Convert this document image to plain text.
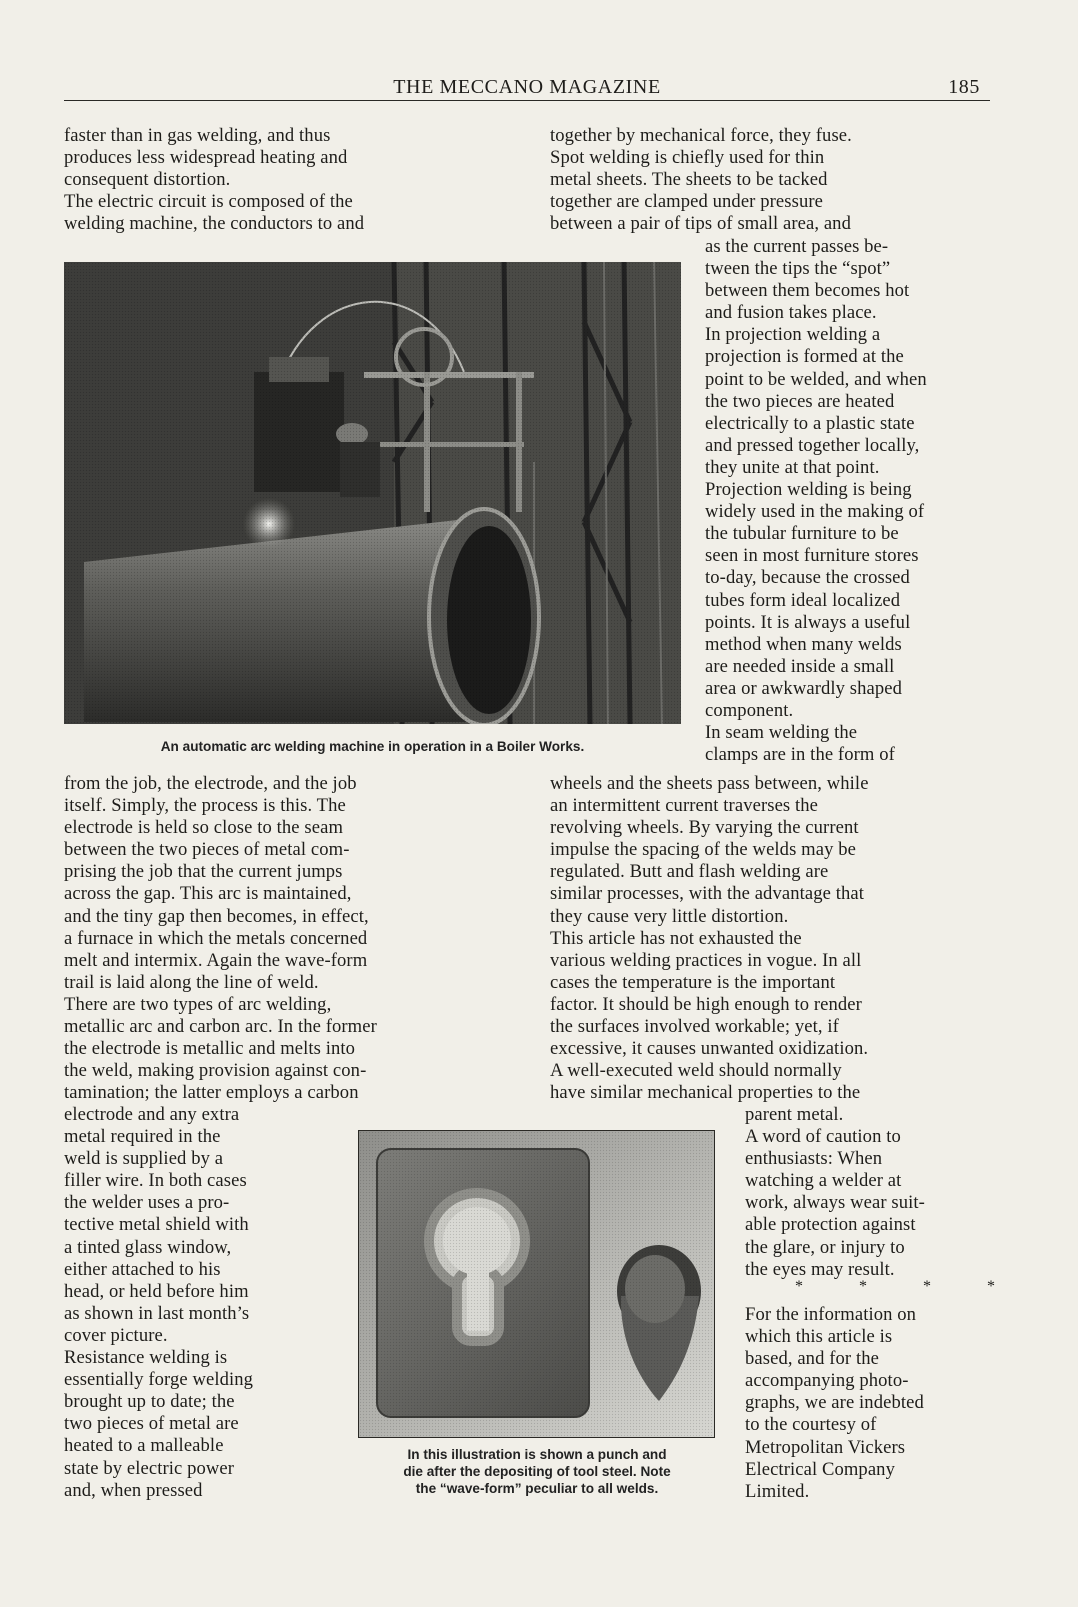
THE MECCANO MAGAZINE	185

faster than in gas welding, and thus
produces less widespread heating and
consequent distortion.
The electric circuit is composed of the
welding machine, the conductors to and

together by mechanical force, they fuse.
Spot welding is chiefly used for thin
metal sheets. The sheets to be tacked
together are clamped under pressure
between a pair of tips of small area, and

An automatic arc welding machine in operation in a Boiler Works.

as the current passes be-
tween the tips the “spot”
between them becomes hot
and fusion takes place.
In projection welding a
projection is formed at the
point to be welded, and when
the two pieces are heated
electrically to a plastic state
and pressed together locally,
they unite at that point.
Projection welding is being
widely used in the making of
the tubular furniture to be
seen in most furniture stores
to-day, because the crossed
tubes form ideal localized
points. It is always a useful
method when many welds
are needed inside a small
area or awkwardly shaped
component.
In seam welding the
clamps are in the form of

from the job, the electrode, and the job
itself. Simply, the process is this. The
electrode is held so close to the seam
between the two pieces of metal com-
prising the job that the current jumps
across the gap. This arc is maintained,
and the tiny gap then becomes, in effect,
a furnace in which the metals concerned
melt and intermix. Again the wave-form
trail is laid along the line of weld.
There are two types of arc welding,
metallic arc and carbon arc. In the former
the electrode is metallic and melts into
the weld, making provision against con-
tamination; the latter employs a carbon

wheels and the sheets pass between, while
an intermittent current traverses the
revolving wheels. By varying the current
impulse the spacing of the welds may be
regulated. Butt and flash welding are
similar processes, with the advantage that
they cause very little distortion.
This article has not exhausted the
various welding practices in vogue. In all
cases the temperature is the important
factor. It should be high enough to render
the surfaces involved workable; yet, if
excessive, it causes unwanted oxidization.
A well-executed weld should normally
have similar mechanical properties to the

electrode and any extra
metal required in the
weld is supplied by a
filler wire. In both cases
the welder uses a pro-
tective metal shield with
a tinted glass window,
either attached to his
head, or held before him
as shown in last month’s
cover picture.
Resistance welding is
essentially forge welding
brought up to date; the
two pieces of metal are
heated to a malleable
state by electric power
and, when pressed

In this illustration is shown a punch and
die after the depositing of tool steel. Note
the “wave-form” peculiar to all welds.

parent metal.
A word of caution to
enthusiasts: When
watching a welder at
work, always wear suit-
able protection against
the glare, or injury to
the eyes may result.

* * * *

For the information on
which this article is
based, and for the
accompanying photo-
graphs, we are indebted
to the courtesy of
Metropolitan Vickers
Electrical Company
Limited.
